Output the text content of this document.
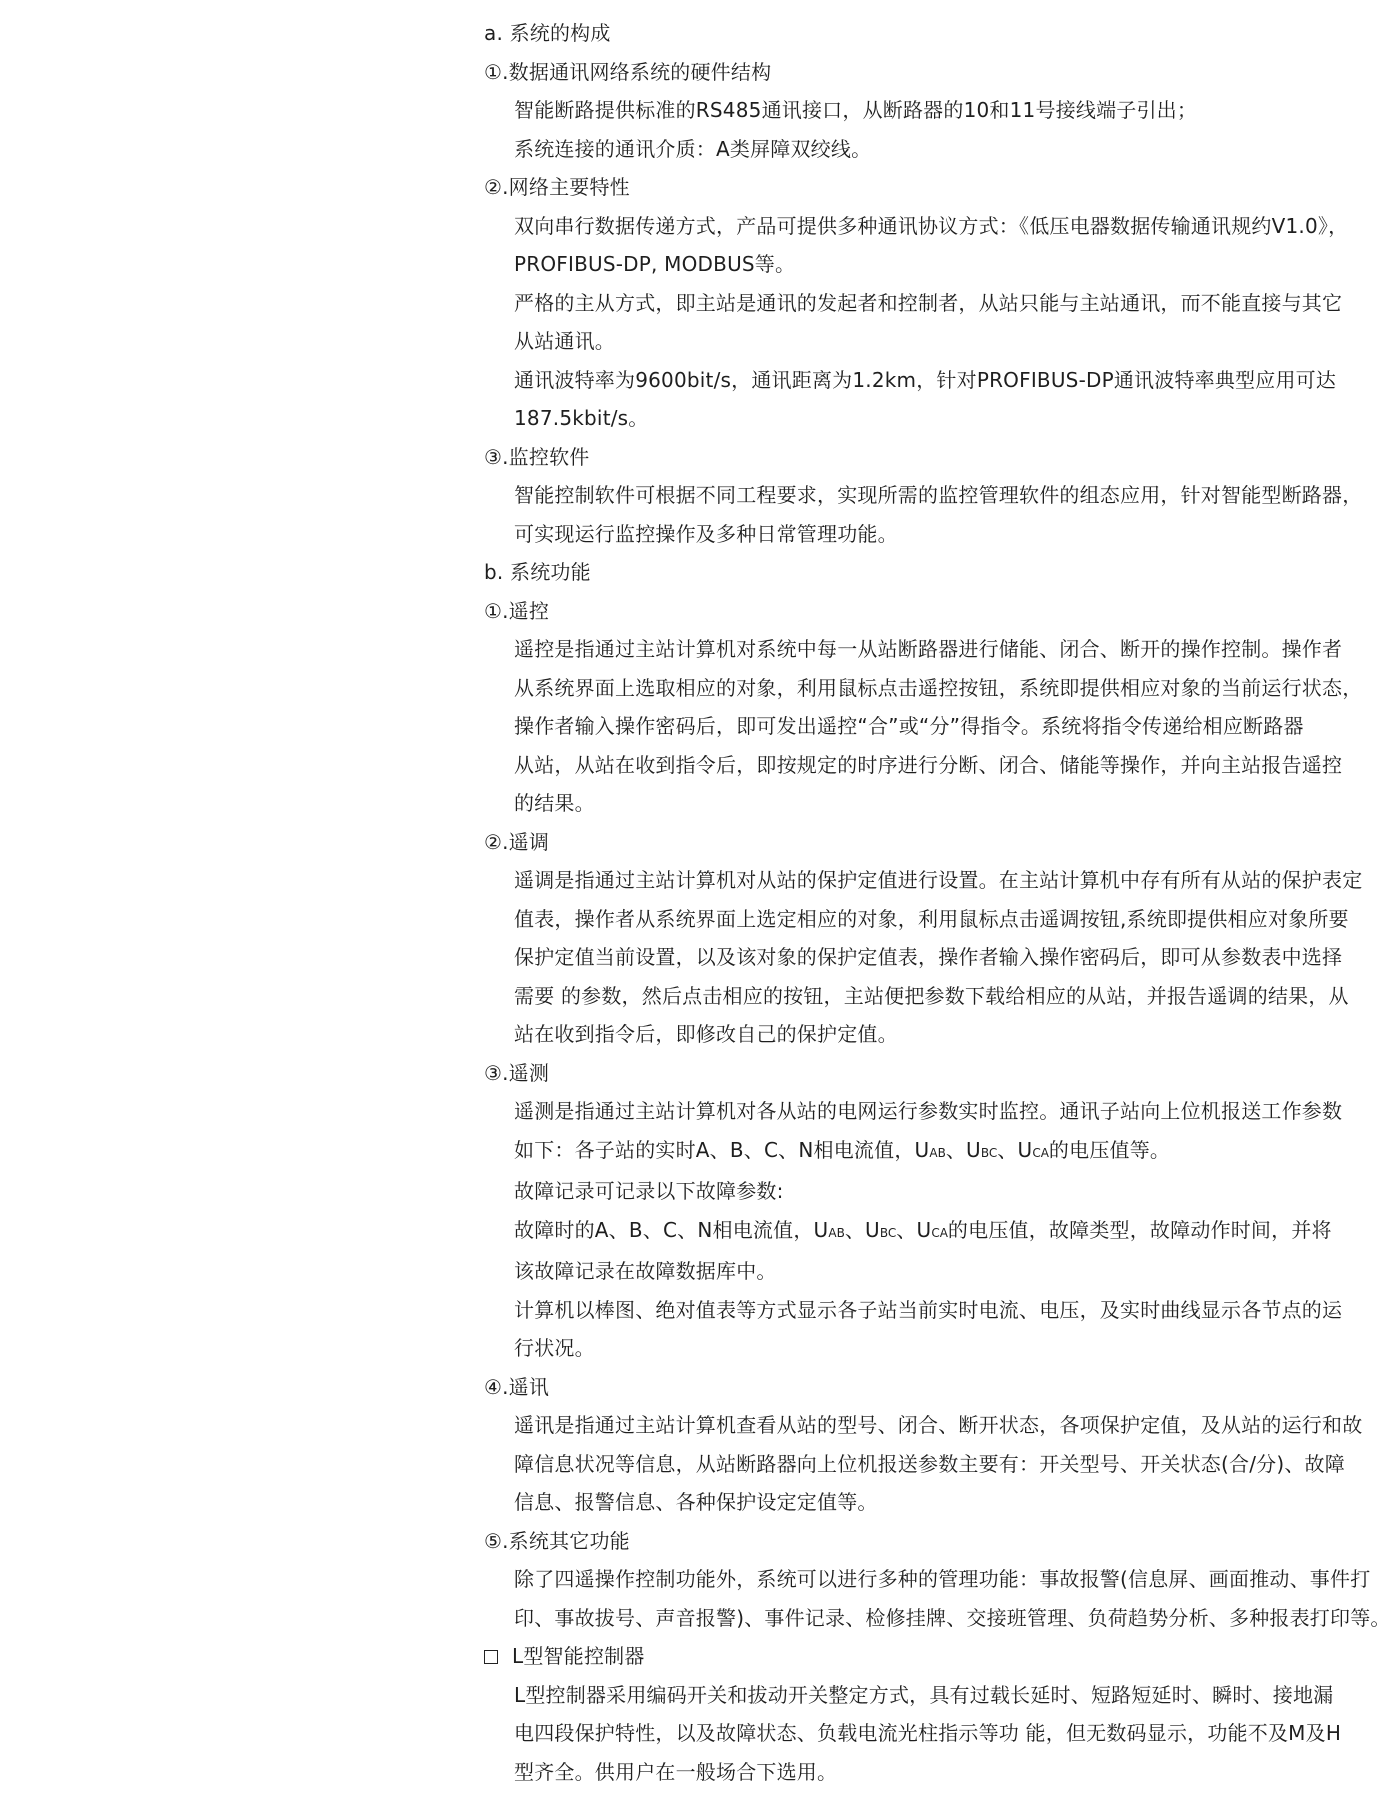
a. 系统的构成
①.数据通讯网络系统的硬件结构
智能断路提供标准的RS485通讯接口，从断路器的10和11号接线端子引出；
系统连接的通讯介质：A类屏障双绞线。
②.网络主要特性
双向串行数据传递方式，产品可提供多种通讯协议方式：《低压电器数据传输通讯规约V1.0》，
PROFIBUS-DP, MODBUS等。
严格的主从方式，即主站是通讯的发起者和控制者，从站只能与主站通讯，而不能直接与其它
从站通讯。
通讯波特率为9600bit/s，通讯距离为1.2km，针对PROFIBUS-DP通讯波特率典型应用可达
187.5kbit/s。
③.监控软件
智能控制软件可根据不同工程要求，实现所需的监控管理软件的组态应用，针对智能型断路器，
可实现运行监控操作及多种日常管理功能。
b. 系统功能
①.遥控
遥控是指通过主站计算机对系统中每一从站断路器进行储能、闭合、断开的操作控制。操作者
从系统界面上选取相应的对象，利用鼠标点击遥控按钮，系统即提供相应对象的当前运行状态，
操作者输入操作密码后，即可发出遥控“合”或“分”得指令。系统将指令传递给相应断路器
从站，从站在收到指令后，即按规定的时序进行分断、闭合、储能等操作，并向主站报告遥控
的结果。
②.遥调
遥调是指通过主站计算机对从站的保护定值进行设置。在主站计算机中存有所有从站的保护表定
值表，操作者从系统界面上选定相应的对象，利用鼠标点击遥调按钮,系统即提供相应对象所要
保护定值当前设置，以及该对象的保护定值表，操作者输入操作密码后，即可从参数表中选择
需要 的参数，然后点击相应的按钮，主站便把参数下载给相应的从站，并报告遥调的结果，从
站在收到指令后，即修改自己的保护定值。
③.遥测
遥测是指通过主站计算机对各从站的电网运行参数实时监控。通讯子站向上位机报送工作参数
如下：各子站的实时A、B、C、N相电流值，UAB、UBC、UCA的电压值等。
故障记录可记录以下故障参数:
故障时的A、B、C、N相电流值，UAB、UBC、UCA的电压值，故障类型，故障动作时间，并将
该故障记录在故障数据库中。
计算机以棒图、绝对值表等方式显示各子站当前实时电流、电压，及实时曲线显示各节点的运
行状况。
④.遥讯
遥讯是指通过主站计算机查看从站的型号、闭合、断开状态，各项保护定值，及从站的运行和故
障信息状况等信息，从站断路器向上位机报送参数主要有：开关型号、开关状态(合/分)、故障
信息、报警信息、各种保护设定定值等。
⑤.系统其它功能
除了四遥操作控制功能外，系统可以进行多种的管理功能：事故报警(信息屏、画面推动、事件打
印、事故拔号、声音报警)、事件记录、检修挂牌、交接班管理、负荷趋势分析、多种报表打印等。
L型智能控制器
L型控制器采用编码开关和拔动开关整定方式，具有过载长延时、短路短延时、瞬时、接地漏
电四段保护特性，以及故障状态、负载电流光柱指示等功 能，但无数码显示，功能不及M及H
型齐全。供用户在一般场合下选用。
